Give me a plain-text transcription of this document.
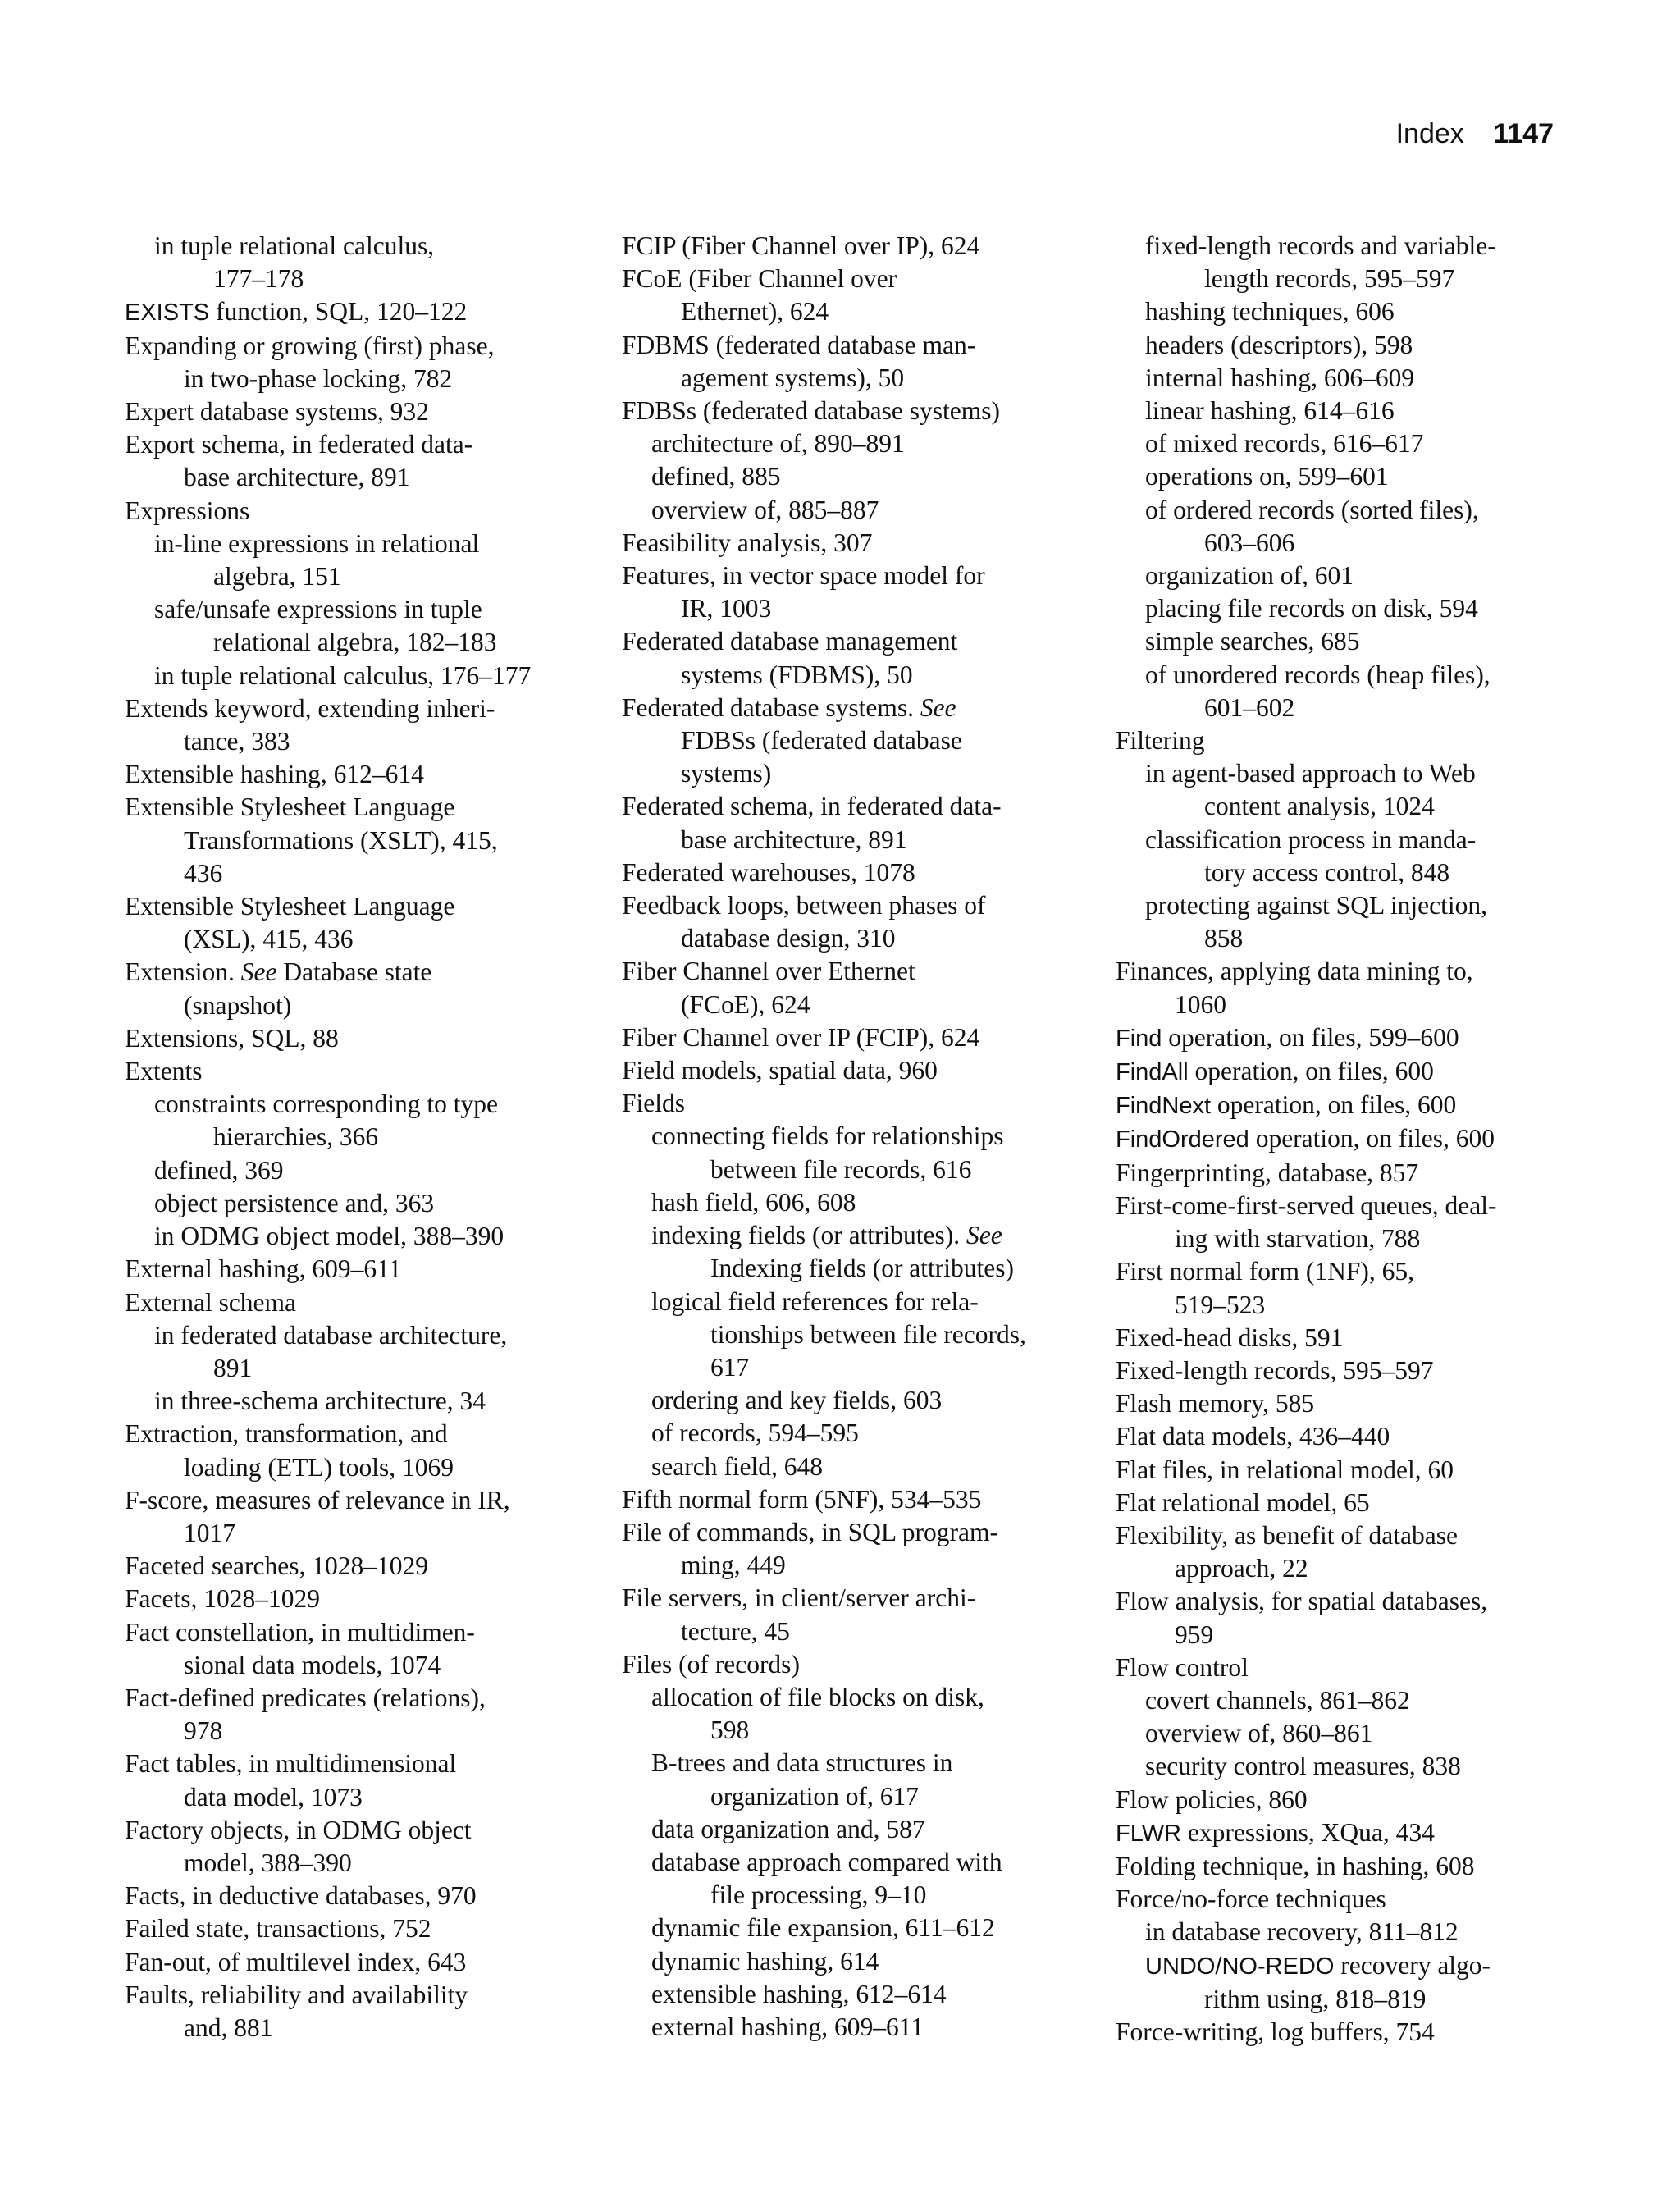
Index 1147
in tuple relational calculus,
177–178
EXISTS function, SQL, 120–122
Expanding or growing (first) phase,
in two-phase locking, 782
Expert database systems, 932
Export schema, in federated data-
base architecture, 891
Expressions
in-line expressions in relational
algebra, 151
safe/unsafe expressions in tuple
relational algebra, 182–183
in tuple relational calculus, 176–177
Extends keyword, extending inheri-
tance, 383
Extensible hashing, 612–614
Extensible Stylesheet Language
Transformations (XSLT), 415,
436
Extensible Stylesheet Language
(XSL), 415, 436
Extension. See Database state
(snapshot)
Extensions, SQL, 88
Extents
constraints corresponding to type
hierarchies, 366
defined, 369
object persistence and, 363
in ODMG object model, 388–390
External hashing, 609–611
External schema
in federated database architecture,
891
in three-schema architecture, 34
Extraction, transformation, and
loading (ETL) tools, 1069
F-score, measures of relevance in IR,
1017
Faceted searches, 1028–1029
Facets, 1028–1029
Fact constellation, in multidimen-
sional data models, 1074
Fact-defined predicates (relations),
978
Fact tables, in multidimensional
data model, 1073
Factory objects, in ODMG object
model, 388–390
Facts, in deductive databases, 970
Failed state, transactions, 752
Fan-out, of multilevel index, 643
Faults, reliability and availability
and, 881
FCIP (Fiber Channel over IP), 624
FCoE (Fiber Channel over
Ethernet), 624
FDBMS (federated database man-
agement systems), 50
FDBSs (federated database systems)
architecture of, 890–891
defined, 885
overview of, 885–887
Feasibility analysis, 307
Features, in vector space model for
IR, 1003
Federated database management
systems (FDBMS), 50
Federated database systems. See
FDBSs (federated database
systems)
Federated schema, in federated data-
base architecture, 891
Federated warehouses, 1078
Feedback loops, between phases of
database design, 310
Fiber Channel over Ethernet
(FCoE), 624
Fiber Channel over IP (FCIP), 624
Field models, spatial data, 960
Fields
connecting fields for relationships
between file records, 616
hash field, 606, 608
indexing fields (or attributes). See
Indexing fields (or attributes)
logical field references for rela-
tionships between file records,
617
ordering and key fields, 603
of records, 594–595
search field, 648
Fifth normal form (5NF), 534–535
File of commands, in SQL program-
ming, 449
File servers, in client/server archi-
tecture, 45
Files (of records)
allocation of file blocks on disk,
598
B-trees and data structures in
organization of, 617
data organization and, 587
database approach compared with
file processing, 9–10
dynamic file expansion, 611–612
dynamic hashing, 614
extensible hashing, 612–614
external hashing, 609–611
fixed-length records and variable-
length records, 595–597
hashing techniques, 606
headers (descriptors), 598
internal hashing, 606–609
linear hashing, 614–616
of mixed records, 616–617
operations on, 599–601
of ordered records (sorted files),
603–606
organization of, 601
placing file records on disk, 594
simple searches, 685
of unordered records (heap files),
601–602
Filtering
in agent-based approach to Web
content analysis, 1024
classification process in manda-
tory access control, 848
protecting against SQL injection,
858
Finances, applying data mining to,
1060
Find operation, on files, 599–600
FindAll operation, on files, 600
FindNext operation, on files, 600
FindOrdered operation, on files, 600
Fingerprinting, database, 857
First-come-first-served queues, deal-
ing with starvation, 788
First normal form (1NF), 65,
519–523
Fixed-head disks, 591
Fixed-length records, 595–597
Flash memory, 585
Flat data models, 436–440
Flat files, in relational model, 60
Flat relational model, 65
Flexibility, as benefit of database
approach, 22
Flow analysis, for spatial databases,
959
Flow control
covert channels, 861–862
overview of, 860–861
security control measures, 838
Flow policies, 860
FLWR expressions, XQua, 434
Folding technique, in hashing, 608
Force/no-force techniques
in database recovery, 811–812
UNDO/NO-REDO recovery algo-
rithm using, 818–819
Force-writing, log buffers, 754
